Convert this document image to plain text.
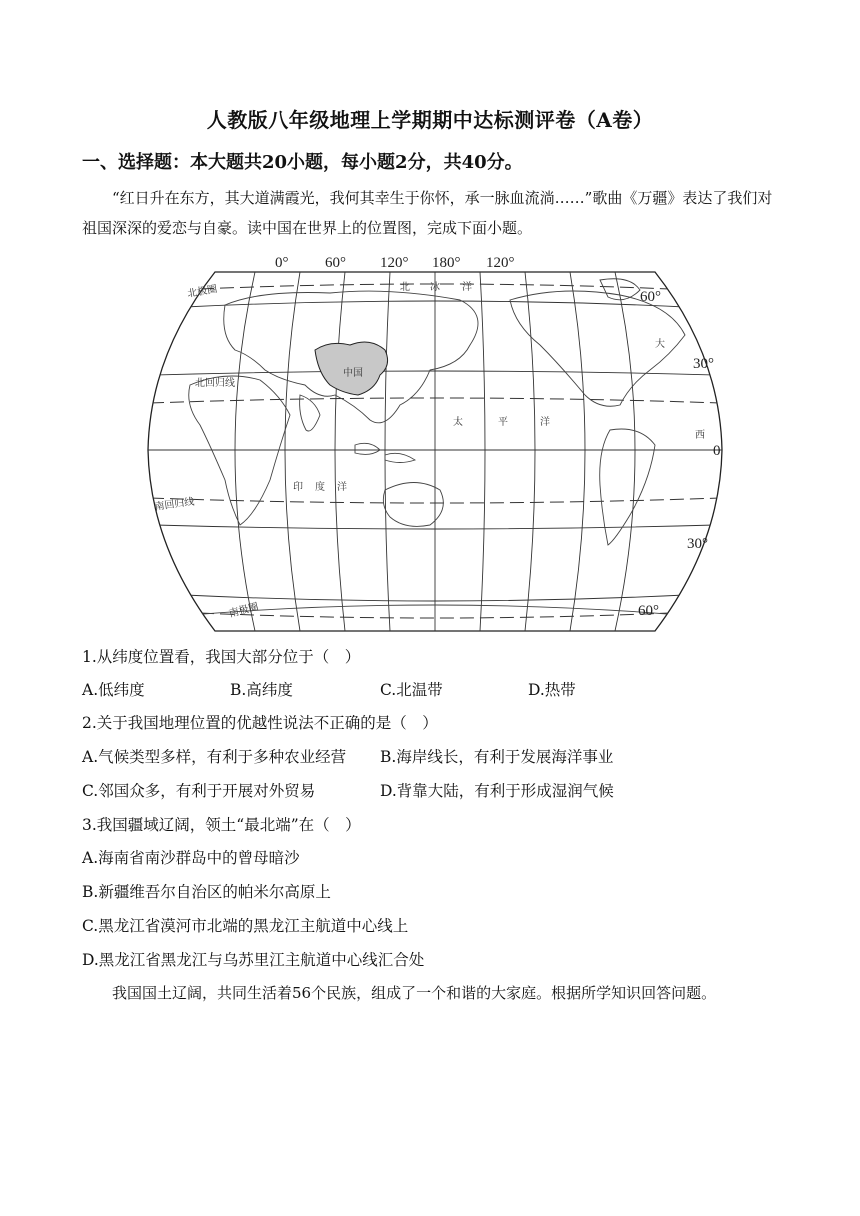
人教版八年级地理上学期期中达标测评卷（A卷）
一、选择题：本大题共20小题，每小题2分，共40分。
“红日升在东方，其大道满霞光，我何其幸生于你怀，承一脉血流淌……”歌曲《万疆》表达了我们对祖国深深的爱恋与自豪。读中国在世界上的位置图，完成下面小题。
0° 60° 120° 180° 120°
中国
北极圈
北回归线
南回归线
南极圈
北 冰 洋
太	平	洋
印 度 洋
大
西
60°
30°
0
30°
60°
1.从纬度位置看，我国大部分位于（　）
A.低纬度	B.高纬度	C.北温带	D.热带
2.关于我国地理位置的优越性说法不正确的是（　）
A.气候类型多样，有利于多种农业经营 B.海岸线长，有利于发展海洋事业
C.邻国众多，有利于开展对外贸易	D.背靠大陆，有利于形成湿润气候
3.我国疆域辽阔，领土“最北端”在（　）
A.海南省南沙群岛中的曾母暗沙
B.新疆维吾尔自治区的帕米尔高原上
C.黑龙江省漠河市北端的黑龙江主航道中心线上
D.黑龙江省黑龙江与乌苏里江主航道中心线汇合处
我国国土辽阔，共同生活着56个民族，组成了一个和谐的大家庭。根据所学知识回答问题。
